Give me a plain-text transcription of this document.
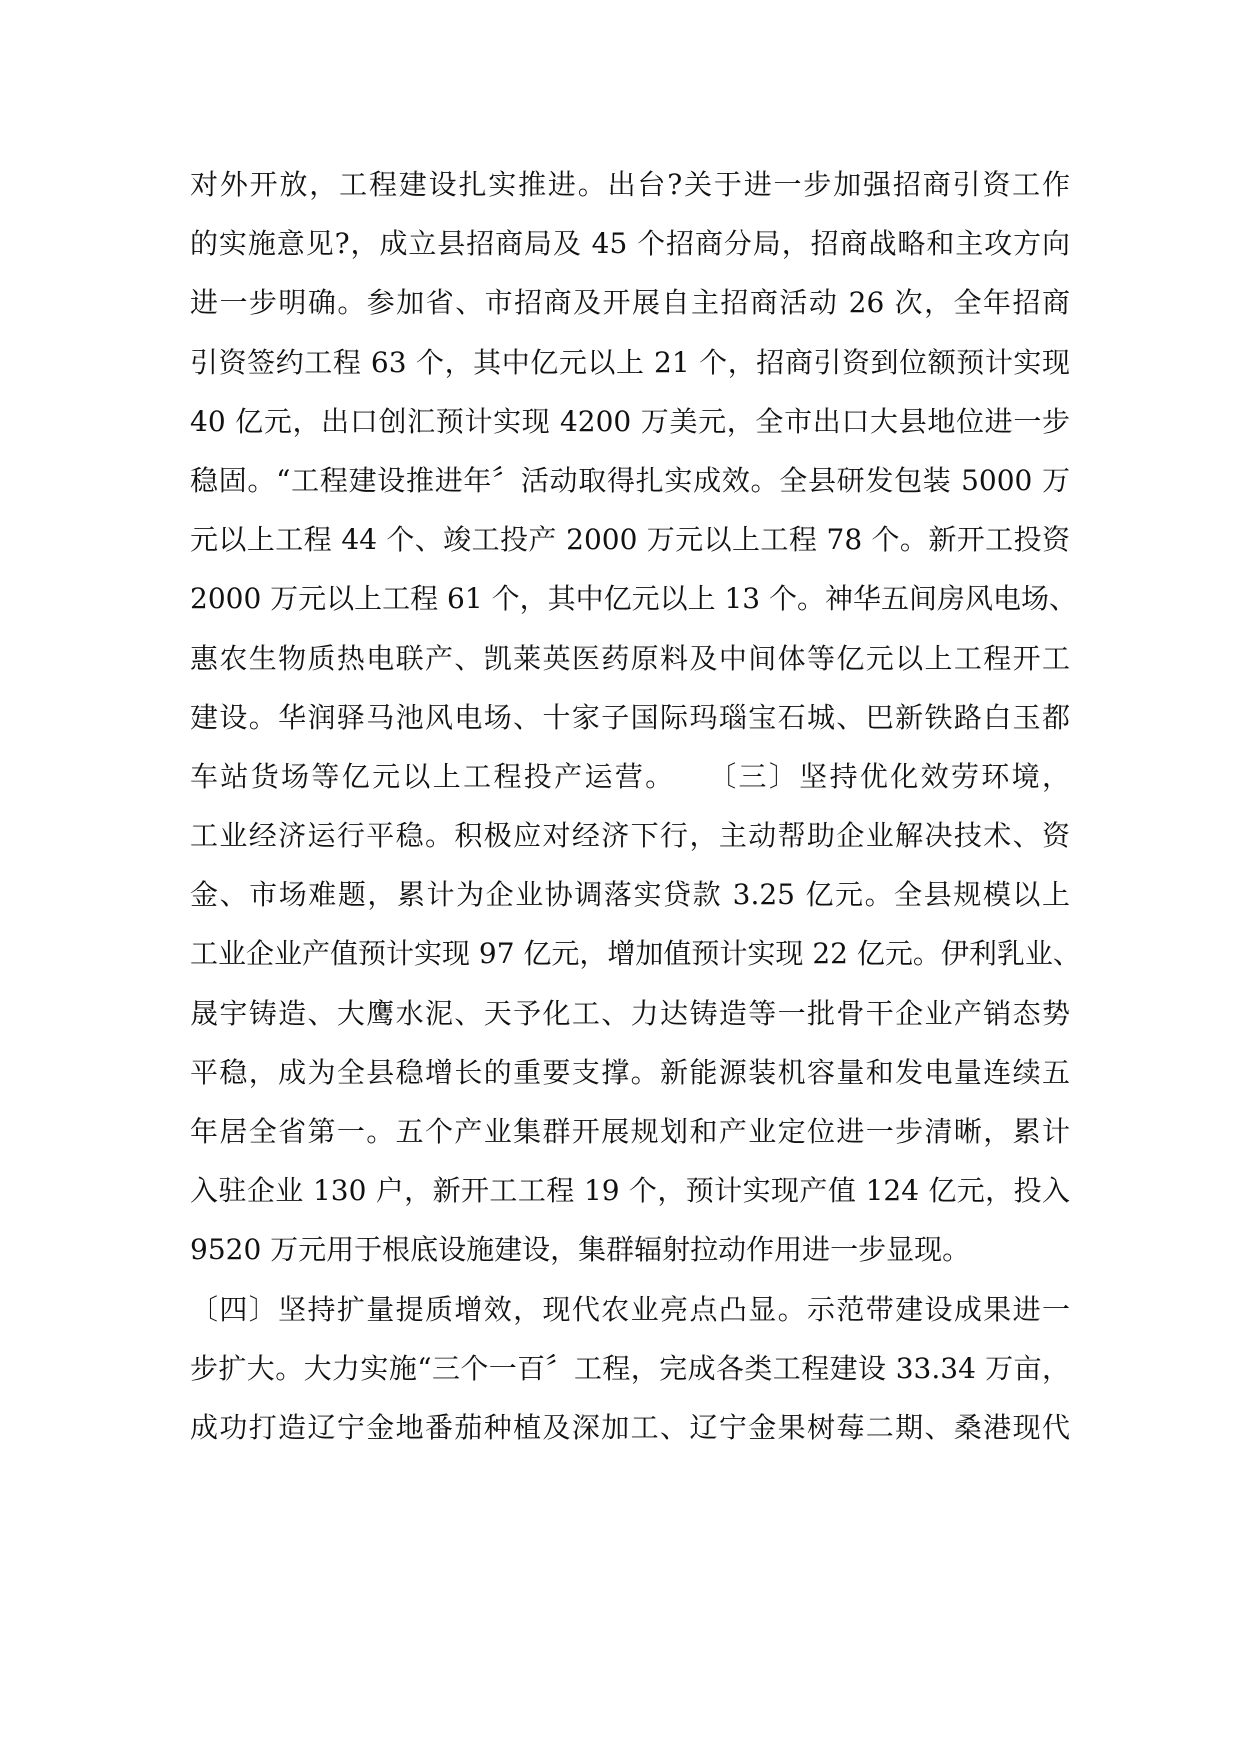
对外开放，工程建设扎实推进。出台?关于进一步加强招商引资工作
的实施意见?，成立县招商局及 45 个招商分局，招商战略和主攻方向
进一步明确。参加省、市招商及开展自主招商活动 26 次，全年招商
引资签约工程 63 个，其中亿元以上 21 个，招商引资到位额预计实现
40 亿元，出口创汇预计实现 4200 万美元，全市出口大县地位进一步
稳固。“工程建设推进年〞活动取得扎实成效。全县研发包装 5000 万
元以上工程 44 个、竣工投产 2000 万元以上工程 78 个。新开工投资
2000 万元以上工程 61 个，其中亿元以上 13 个。神华五间房风电场、
惠农生物质热电联产、凯莱英医药原料及中间体等亿元以上工程开工
建设。华润驿马池风电场、十家子国际玛瑙宝石城、巴新铁路白玉都
车站货场等亿元以上工程投产运营。　　〔三〕坚持优化效劳环境，
工业经济运行平稳。积极应对经济下行，主动帮助企业解决技术、资
金、市场难题，累计为企业协调落实贷款 3.25 亿元。全县规模以上
工业企业产值预计实现 97 亿元，增加值预计实现 22 亿元。伊利乳业、
晟宇铸造、大鹰水泥、天予化工、力达铸造等一批骨干企业产销态势
平稳，成为全县稳增长的重要支撑。新能源装机容量和发电量连续五
年居全省第一。五个产业集群开展规划和产业定位进一步清晰，累计
入驻企业 130 户，新开工工程 19 个，预计实现产值 124 亿元，投入
9520 万元用于根底设施建设，集群辐射拉动作用进一步显现。
〔四〕坚持扩量提质增效，现代农业亮点凸显。示范带建设成果进一
步扩大。大力实施“三个一百〞工程，完成各类工程建设 33.34 万亩，
成功打造辽宁金地番茄种植及深加工、辽宁金果树莓二期、桑港现代
